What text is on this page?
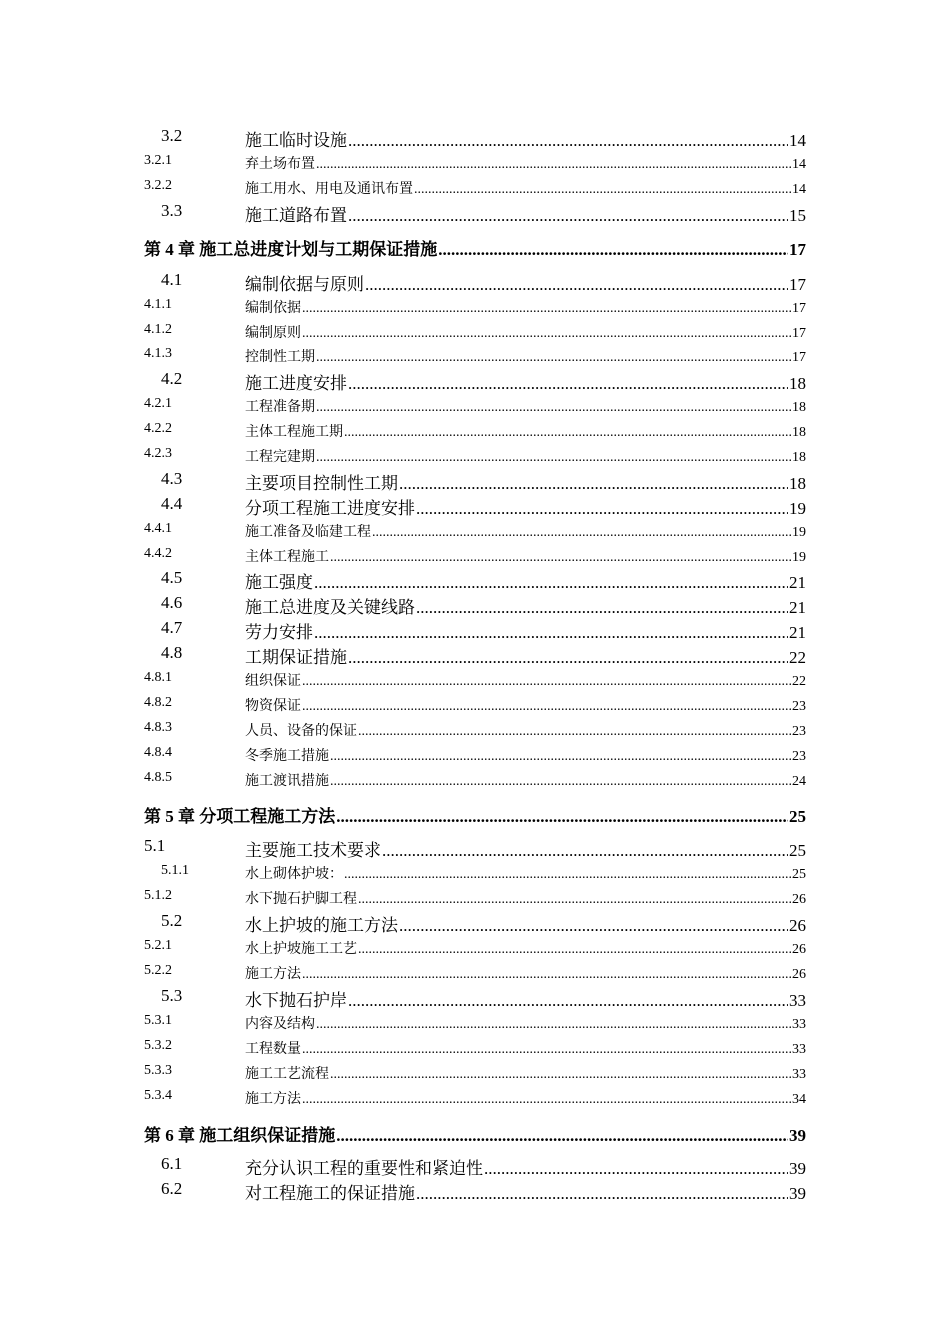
3.2	施工临时设施 .....	14
3.2.1	弃土场布置 .....	14
3.2.2	施工用水、用电及通讯布置 .....	14
3.3	施工道路布置 .....	15
第 4 章 施工总进度计划与工期保证措施 .....	17
4.1	编制依据与原则 .....	17
4.1.1	编制依据 .....	17
4.1.2	编制原则 .....	17
4.1.3	控制性工期 .....	17
4.2	施工进度安排 .....	18
4.2.1	工程准备期 .....	18
4.2.2	主体工程施工期 .....	18
4.2.3	工程完建期 .....	18
4.3	主要项目控制性工期 .....	18
4.4	分项工程施工进度安排 .....	19
4.4.1	施工准备及临建工程 .....	19
4.4.2	主体工程施工 .....	19
4.5	施工强度 .....	21
4.6	施工总进度及关键线路 .....	21
4.7	劳力安排 .....	21
4.8	工期保证措施 .....	22
4.8.1	组织保证 .....	22
4.8.2	物资保证 .....	23
4.8.3	人员、设备的保证 .....	23
4.8.4	冬季施工措施 .....	23
4.8.5	施工渡讯措施 .....	24
第 5 章 分项工程施工方法 .....	25
5.1	主要施工技术要求 .....	25
5.1.1	水上砌体护坡： .....	25
5.1.2	水下抛石护脚工程 .....	26
5.2	水上护坡的施工方法 .....	26
5.2.1	水上护坡施工工艺 .....	26
5.2.2	施工方法 .....	26
5.3	水下抛石护岸 .....	33
5.3.1	内容及结构 .....	33
5.3.2	工程数量 .....	33
5.3.3	施工工艺流程 .....	33
5.3.4	施工方法 .....	34
第 6 章 施工组织保证措施 .....	39
6.1	充分认识工程的重要性和紧迫性 .....	39
6.2	对工程施工的保证措施 .....	39
